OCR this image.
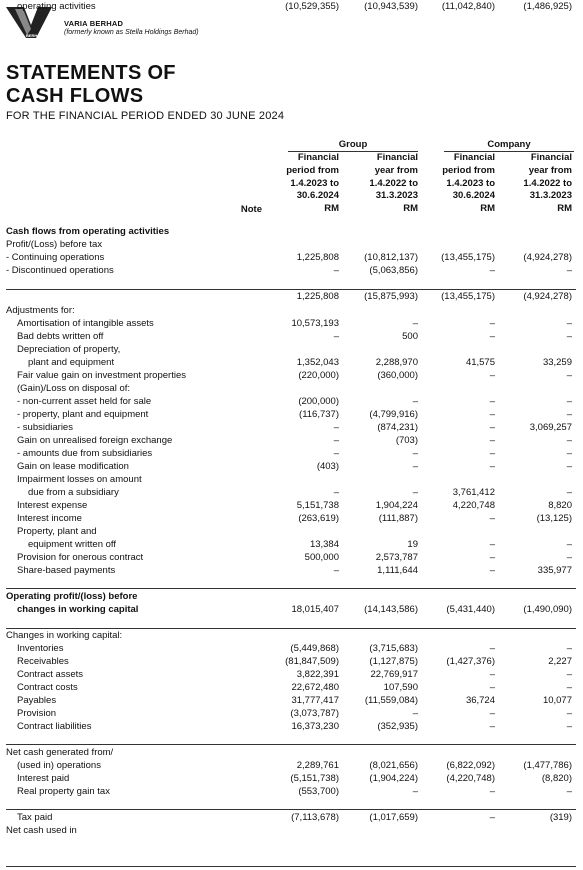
VARIA BERHAD
VARIA BERHAD
(formerly known as Stella Holdings Berhad)
STATEMENTS OF
CASH FLOWS
FOR THE FINANCIAL PERIOD ENDED 30 JUNE 2024
Group	Company
Financial
period from
1.4.2023 to
30.6.2024
RM
Financial
year from
1.4.2022 to
31.3.2023
RM
Financial
period from
1.4.2023 to
30.6.2024
RM
Financial
year from
1.4.2022 to
31.3.2023
RM
Note
Cash flows from operating activities
Profit/(Loss) before tax
- Continuing operations	1,225,808	(10,812,137)	(13,455,175)	(4,924,278)
- Discontinued operations	–	(5,063,856)	–	–
1,225,808	(15,875,993)	(13,455,175)	(4,924,278)
Adjustments for:
Amortisation of intangible assets	10,573,193	–	–	–
Bad debts written off	–	500	–	–
Depreciation of property,
plant and equipment	1,352,043	2,288,970	41,575	33,259
Fair value gain on investment properties	(220,000)	(360,000)	–	–
(Gain)/Loss on disposal of:
- non-current asset held for sale	(200,000)	–	–	–
- property, plant and equipment	(116,737)	(4,799,916)	–	–
- subsidiaries	–	(874,231)	–	3,069,257
Gain on unrealised foreign exchange	–	(703)	–	–
- amounts due from subsidiaries	–	–	–	–
Gain on lease modification	(403)	–	–	–
Impairment losses on amount
due from a subsidiary	–	–	3,761,412	–
Interest expense	5,151,738	1,904,224	4,220,748	8,820
Interest income	(263,619)	(111,887)	–	(13,125)
Property, plant and
equipment written off	13,384	19	–	–
Provision for onerous contract	500,000	2,573,787	–	–
Share-based payments	–	1,111,644	–	335,977
Operating profit/(loss) before
changes in working capital	18,015,407	(14,143,586)	(5,431,440)	(1,490,090)
Changes in working capital:
Inventories	(5,449,868)	(3,715,683)	–	–
Receivables	(81,847,509)	(1,127,875)	(1,427,376)	2,227
Contract assets	3,822,391	22,769,917	–	–
Contract costs	22,672,480	107,590	–	–
Payables	31,777,417	(11,559,084)	36,724	10,077
Provision	(3,073,787)	–	–	–
Contract liabilities	16,373,230	(352,935)	–	–
Net cash generated from/
(used in) operations	2,289,761	(8,021,656)	(6,822,092)	(1,477,786)
Interest paid	(5,151,738)	(1,904,224)	(4,220,748)	(8,820)
Real property gain tax	(553,700)	–	–	–
Tax paid	(7,113,678)	(1,017,659)	–	(319)
Net cash used in
operating activities	(10,529,355)	(10,943,539)	(11,042,840)	(1,486,925)
